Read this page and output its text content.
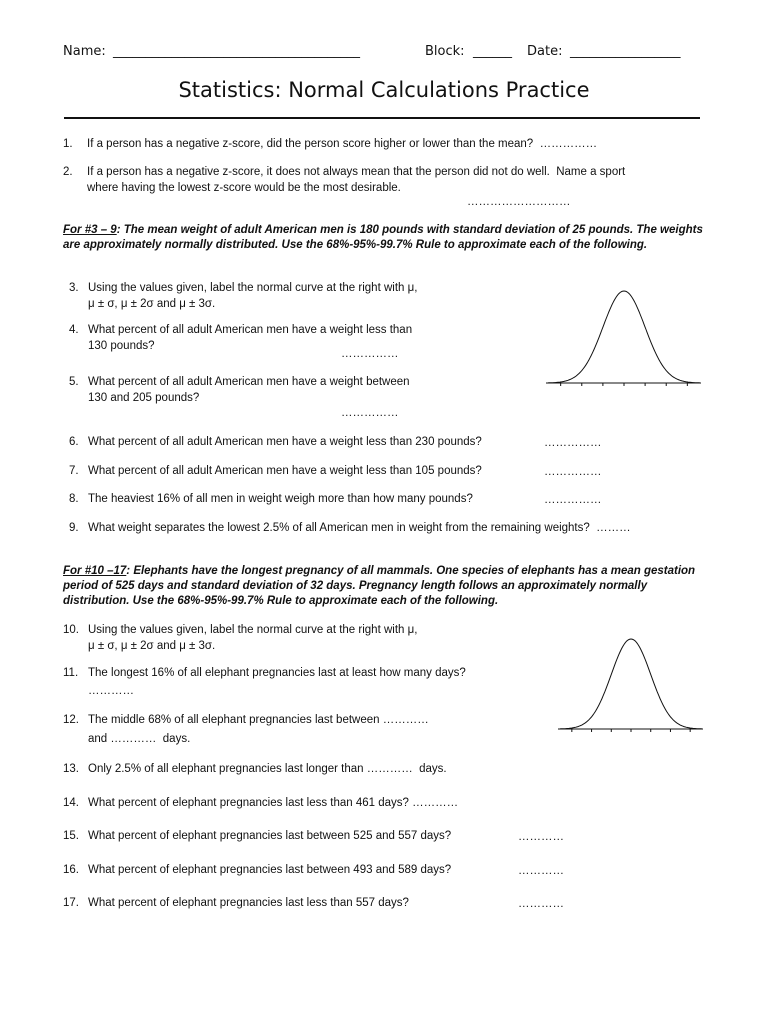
Name: ______________________________________	Block: ______ Date: _________________
Statistics: Normal Calculations Practice
1. If a person has a negative z-score, did the person score higher or lower than the mean?  ……………
2. If a person has a negative z-score, it does not always mean that the person did not do well.  Name a sport
where having the lowest z-score would be the most desirable.
………………………
For #3 – 9: The mean weight of adult American men is 180 pounds with standard deviation of 25 pounds. The weights are approximately normally distributed. Use the 68%-95%-99.7% Rule to approximate each of the following.
3. Using the values given, label the normal curve at the right with μ,
μ ± σ, μ ± 2σ and μ ± 3σ.
4. What percent of all adult American men have a weight less than
130 pounds?
……………
5. What percent of all adult American men have a weight between
130 and 205 pounds?
……………
6. What percent of all adult American men have a weight less than 230 pounds?	……………
7. What percent of all adult American men have a weight less than 105 pounds?	……………
8. The heaviest 16% of all men in weight weigh more than how many pounds?	……………
9. What weight separates the lowest 2.5% of all American men in weight from the remaining weights?  ………
For #10 –17: Elephants have the longest pregnancy of all mammals. One species of elephants has a mean gestation period of 525 days and standard deviation of 32 days. Pregnancy length follows an approximately normally distribution. Use the 68%-95%-99.7% Rule to approximate each of the following.
10. Using the values given, label the normal curve at the right with μ,
μ ± σ, μ ± 2σ and μ ± 3σ.
11. The longest 16% of all elephant pregnancies last at least how many days?
…………
12. The middle 68% of all elephant pregnancies last between …………
and …………  days.
13. Only 2.5% of all elephant pregnancies last longer than …………  days.
14. What percent of elephant pregnancies last less than 461 days? …………
15. What percent of elephant pregnancies last between 525 and 557 days?	…………
16. What percent of elephant pregnancies last between 493 and 589 days?	…………
17. What percent of elephant pregnancies last less than 557 days?	…………
